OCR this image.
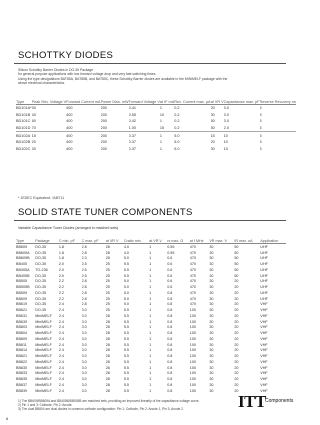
SCHOTTKY DIODES
Silicon Schottky Barrier Diodes in DO-35 Package
for general purpose applications with low forward voltage drop and very fast switching times.
Using the type designations BAT85A, BAT85B, and BAT85C, these Schottky Barrier diodes are available in the MINIMELF package with the
above electrical characteristics.
Type	Peak Rev. Voltage V	Forward Current mA	Power Diss. mW	Forward Voltage V	at IF mA	Rev. Current max. μA	at VR V	Capacitance max. pF	Reverse Recovery ns
BD101A*	30	400	200	0.41	1	0.2	20	3.0	5
BD101B	40	400	200	0.55	10	0.2	30	3.0	5
BD101C	60	400	200	0.42	1	0.2	50	3.0	5
BD101D	70	400	200	1.00	15	0.2	50	2.0	5
BD102A	15	400	200	0.37	1	5.0	15	10	5
BD102B	20	400	200	0.37	1	5.0	20	10	5
BD102C	30	400	200	0.37	1	5.0	30	10	5
* JEDEC Equivalent: 1N5711
SOLID STATE TUNER COMPONENTS
Variable Capacitance Tuner Diodes (arranged in matched sets)
Type	Package	C min. pF	C max. pF	at VR V	Cratio min.	at VR V	rs max. Ω	at f MHz	VR max. V	IR max. nA	Application
BB609	DO-35	1.8	2.8	28	4.0	1	0.55	470	30	50	UHF
BB609A	DO-35	1.8	2.8	28	4.0	1	0.55	470	30	50	UHF
BB609B	DO-35	1.8	2.3	28	5.0	1	0.6	470	30	50	UHF
BB405	DO-35	2.0	2.5	25	5.5	1	0.6	470	30	50	UHF
BB405A	TO-236	2.0	2.5	25	5.5	1	0.6	470	30	50	UHF
BB405B	DO-35	2.0	2.5	25	5.5	1	0.6	470	30	50	UHF
BB505	DO-35	2.2	2.8	25	5.0	1	0.6	470	30	20	UHF
BB505B	DO-35	2.2	2.8	25	5.0	1	0.6	470	30	20	UHF
BB509	DO-35	2.2	2.8	25	5.0	1	0.8	470	30	20	UHF
BB609	DO-35	2.2	2.8	25	5.0	1	0.8	470	30	20	UHF
BB619	DO-35	2.4	2.8	25	5.0	1	0.8	470	30	20	VHF
BB621	DO-35	2.4	3.0	25	5.5	1	0.8	100	30	20	VHF
BB631	MiniMELF	2.4	3.0	28	5.5	1	0.8	100	30	20	VHF
BB639	MiniMELF	2.4	3.0	28	5.5	1	0.8	100	30	20	VHF
BB803	MiniMELF	2.4	3.0	28	5.5	1	0.8	100	30	20	VHF
BB804	MiniMELF	2.4	3.0	28	5.5	1	0.8	100	30	20	VHF
BB809	MiniMELF	2.4	3.0	28	5.5	1	0.8	100	30	20	VHF
BB811	MiniMELF	2.4	3.0	28	5.5	1	0.8	100	30	20	VHF
BB814	MiniMELF	2.4	3.0	28	5.5	1	0.8	100	30	20	VHF
BB821	MiniMELF	2.4	3.0	28	5.5	1	0.8	100	30	20	VHF
BB822	MiniMELF	2.4	3.0	28	5.5	1	0.8	100	30	20	VHF
BB830	MiniMELF	2.4	3.0	28	5.5	1	0.8	100	30	20	VHF
BB833	MiniMELF	2.4	3.0	28	5.5	1	0.8	100	30	20	VHF
BB835	MiniMELF	2.4	3.0	28	5.5	1	0.8	100	30	20	VHF
BB837	MiniMELF	2.4	3.0	28	5.5	1	0.8	100	30	20	VHF
BB839	MiniMELF	2.4	3.0	28	5.5	1	0.8	100	30	20	VHF
1) The BB609/BB609A and BB405B/BB505B are matched sets, providing an improved linearity of the capacitance-voltage curve.
2) Pin 1 and 3: Cathode, Pin 2: Anode.
3) The dual BB804 are dual diodes in common cathode configuration: Pin 1: Cathode, Pin 2: Anode 1, Pin 3: Anode 2.	ITT Components
6
